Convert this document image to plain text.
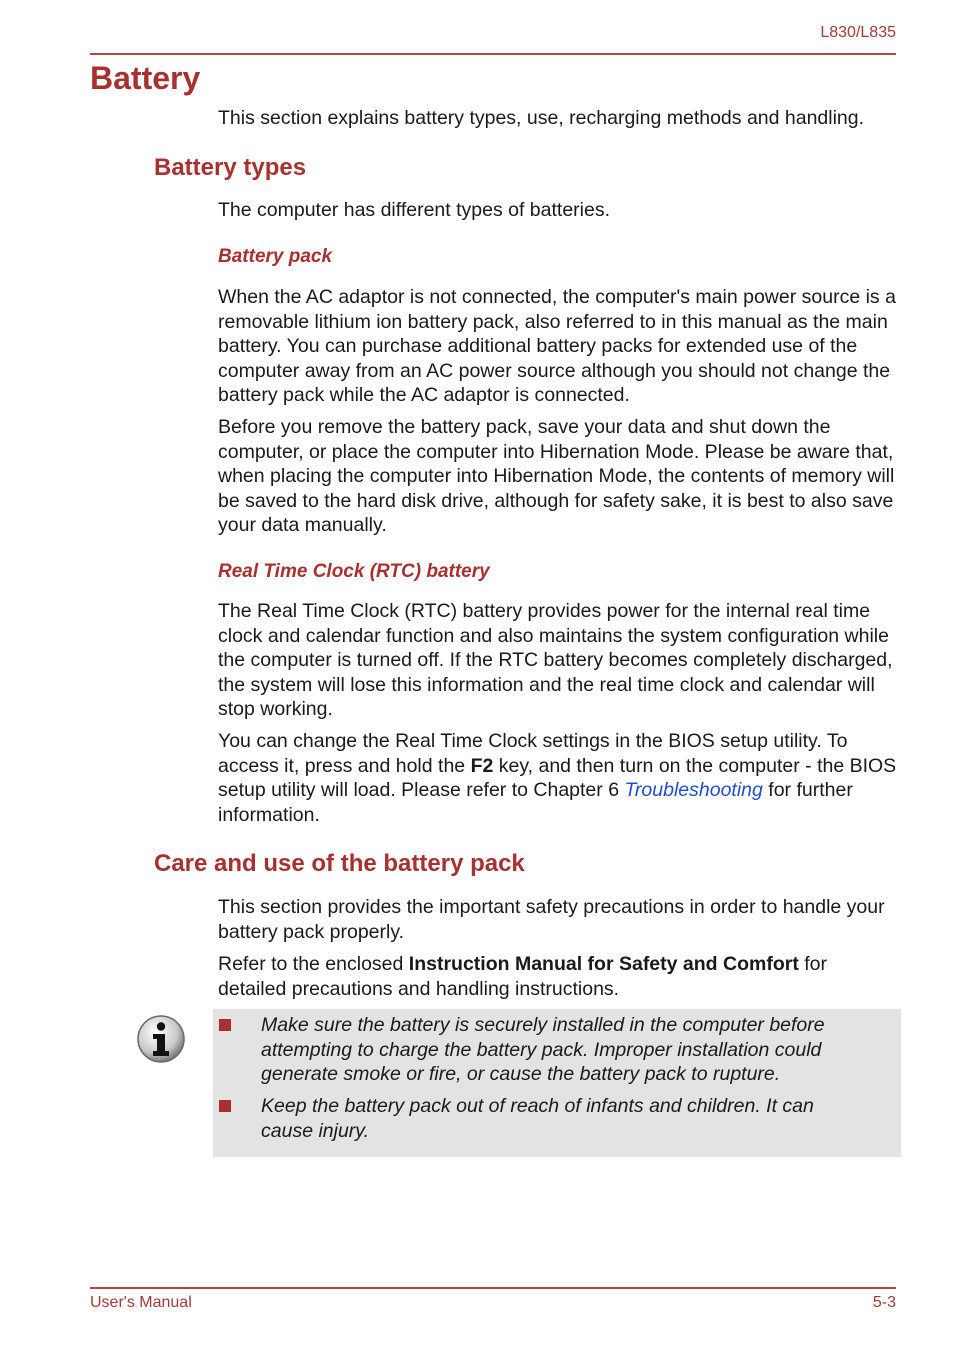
L830/L835
Battery

This section explains battery types, use, recharging methods and handling.

Battery types

The computer has different types of batteries.

Battery pack

When the AC adaptor is not connected, the computer's main power source is a removable lithium ion battery pack, also referred to in this manual as the main battery. You can purchase additional battery packs for extended use of the computer away from an AC power source although you should not change the battery pack while the AC adaptor is connected.

Before you remove the battery pack, save your data and shut down the computer, or place the computer into Hibernation Mode. Please be aware that, when placing the computer into Hibernation Mode, the contents of memory will be saved to the hard disk drive, although for safety sake, it is best to also save your data manually.

Real Time Clock (RTC) battery

The Real Time Clock (RTC) battery provides power for the internal real time clock and calendar function and also maintains the system configuration while the computer is turned off. If the RTC battery becomes completely discharged, the system will lose this information and the real time clock and calendar will stop working.

You can change the Real Time Clock settings in the BIOS setup utility. To access it, press and hold the F2 key, and then turn on the computer - the BIOS setup utility will load. Please refer to Chapter 6 Troubleshooting for further information.

Care and use of the battery pack

This section provides the important safety precautions in order to handle your battery pack properly.

Refer to the enclosed Instruction Manual for Safety and Comfort for detailed precautions and handling instructions.

Make sure the battery is securely installed in the computer before attempting to charge the battery pack. Improper installation could generate smoke or fire, or cause the battery pack to rupture.

Keep the battery pack out of reach of infants and children. It can cause injury.

User's Manual	5-3
